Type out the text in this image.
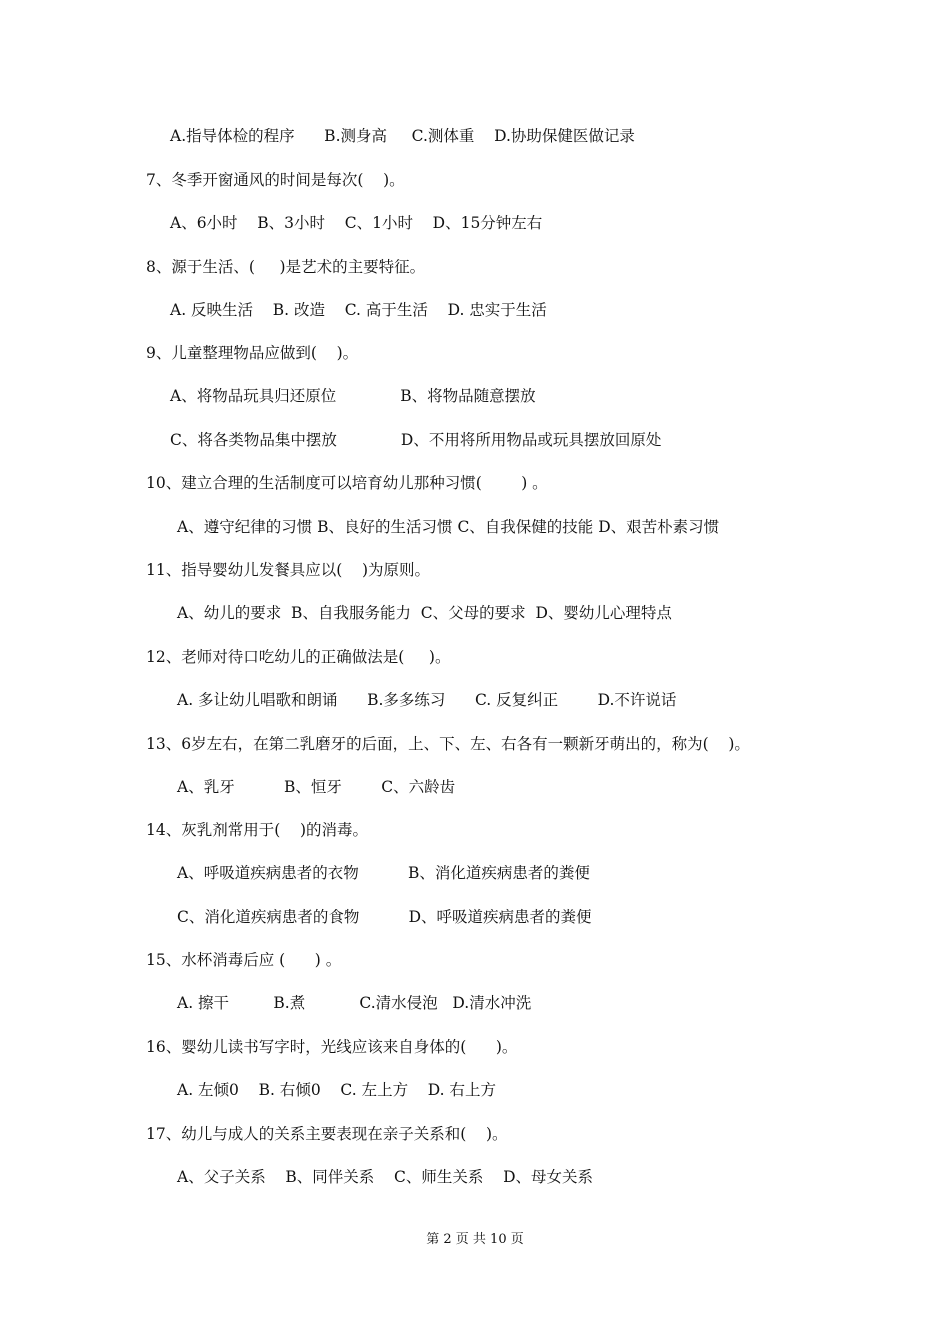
A.指导体检的程序      B.测身高     C.测体重    D.协助保健医做记录
7、冬季开窗通风的时间是每次(    )。
A、6小时    B、3小时    C、1小时    D、15分钟左右
8、源于生活、(     )是艺术的主要特征。
A. 反映生活    B. 改造    C. 高于生活    D. 忠实于生活
9、儿童整理物品应做到(    )。
A、将物品玩具归还原位             B、将物品随意摆放
C、将各类物品集中摆放             D、不用将所用物品或玩具摆放回原处
10、建立合理的生活制度可以培育幼儿那种习惯(        ) 。
A、遵守纪律的习惯 B、良好的生活习惯 C、自我保健的技能 D、艰苦朴素习惯
11、指导婴幼儿发餐具应以(    )为原则。
A、幼儿的要求  B、自我服务能力  C、父母的要求  D、婴幼儿心理特点
12、老师对待口吃幼儿的正确做法是(     )。
A. 多让幼儿唱歌和朗诵      B.多多练习      C. 反复纠正        D.不许说话
13、6岁左右，在第二乳磨牙的后面，上、下、左、右各有一颗新牙萌出的，称为(    )。
A、乳牙          B、恒牙        C、六龄齿
14、灰乳剂常用于(    )的消毒。
A、呼吸道疾病患者的衣物          B、消化道疾病患者的粪便
C、消化道疾病患者的食物          D、呼吸道疾病患者的粪便
15、水杯消毒后应 (      ) 。
A. 擦干         B.煮           C.清水侵泡   D.清水冲洗
16、婴幼儿读书写字时，光线应该来自身体的(      )。
A. 左倾0    B. 右倾0    C. 左上方    D. 右上方
17、幼儿与成人的关系主要表现在亲子关系和(    )。
A、父子关系    B、同伴关系    C、师生关系    D、母女关系
第 2 页 共 10 页
